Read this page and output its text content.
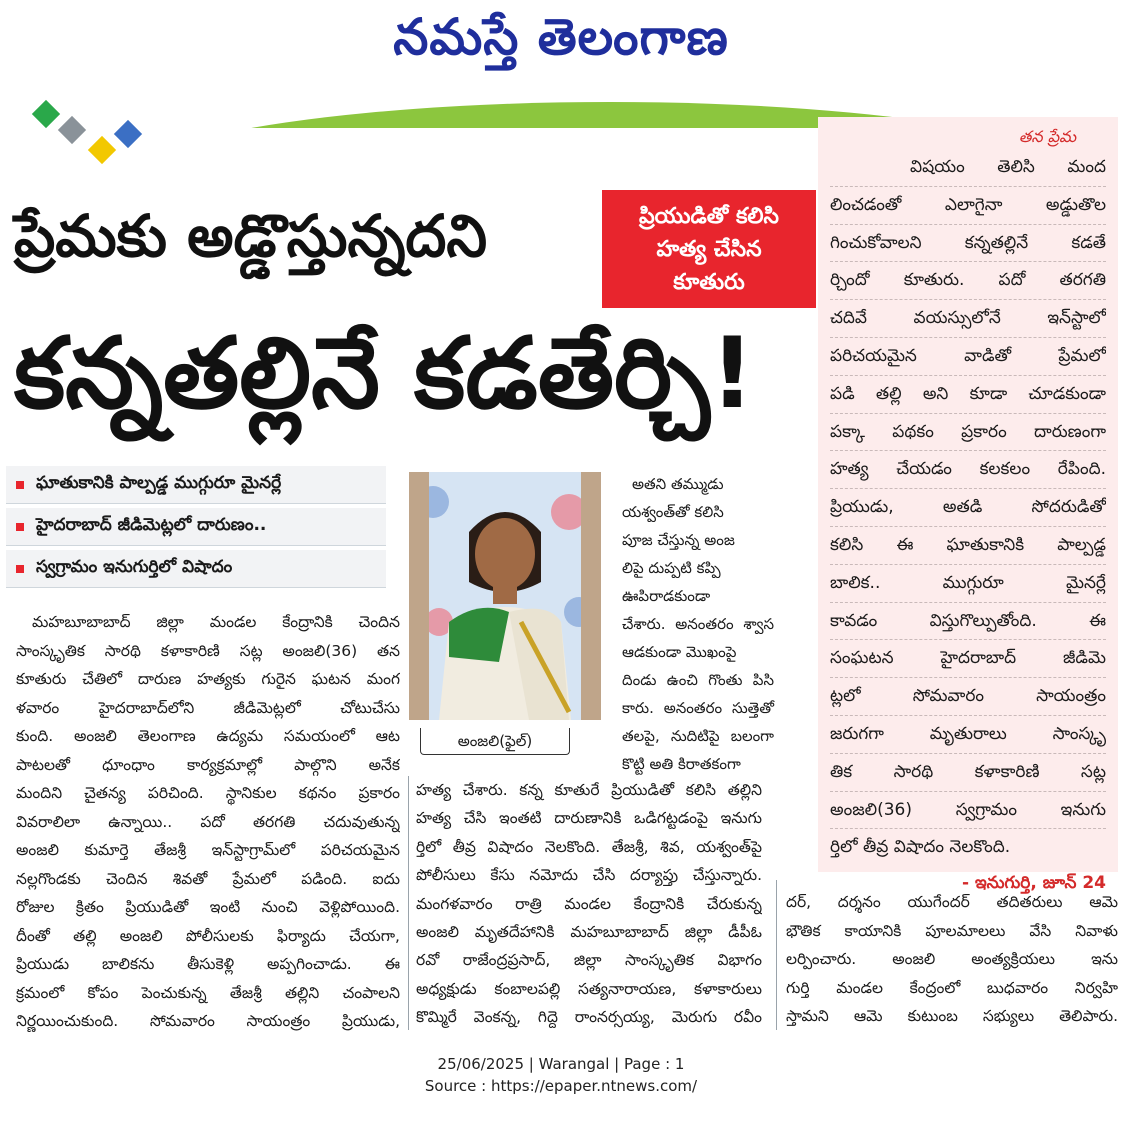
నమస్తే తెలంగాణ
ప్రేమకు అడ్డొస్తున్నదని
కన్నతల్లినే కడతేర్చి!
ప్రియుడితో కలిసి
హత్య చేసిన
కూతురు
తన ప్రేమ
విషయం తెలిసి మంద
లించడంతో ఎలాగైనా అడ్డుతొల
గించుకోవాలని కన్నతల్లినే కడతే
ర్చిందో కూతురు. పదో తరగతి
చదివే వయస్సులోనే ఇన్‌స్టాలో
పరిచయమైన వాడితో ప్రేమలో
పడి తల్లి అని కూడా చూడకుండా
పక్కా పథకం ప్రకారం దారుణంగా
హత్య చేయడం కలకలం రేపింది.
ప్రియుడు, అతడి సోదరుడితో
కలిసి ఈ ఘాతుకానికి పాల్పడ్డ
బాలిక.. ముగ్గురూ మైనర్లే
కావడం విస్తుగొల్పుతోంది. ఈ
సంఘటన హైదరాబాద్ జీడిమె
ట్లలో సోమవారం సాయంత్రం
జరుగగా మృతురాలు సాంస్కృ
తిక సారథి కళాకారిణి సట్ల
అంజలి(36) స్వగ్రామం ఇనుగు
ర్తిలో తీవ్ర విషాదం నెలకొంది.
- ఇనుగుర్తి, జూన్ 24
ఘాతుకానికి పాల్పడ్డ ముగ్గురూ మైనర్లే
హైదరాబాద్ జీడిమెట్లలో దారుణం..
స్వగ్రామం ఇనుగుర్తిలో విషాదం
అంజలి(ఫైల్)
అతని తమ్ముడు
యశ్వంత్‌తో కలిసి
పూజ చేస్తున్న అంజ
లిపై దుప్పటి కప్పి
ఊపిరాడకుండా
చేశారు. అనంతరం శ్వాస
ఆడకుండా మొఖంపై
దిండు ఉంచి గొంతు పిసి
కారు. అనంతరం సుత్తెతో
తలపై, నుదిటిపై బలంగా
కొట్టి అతి కిరాతకంగా
మహబూబాబాద్ జిల్లా మండల కేంద్రానికి చెందిన
సాంస్కృతిక సారథి కళాకారిణి సట్ల అంజలి(36) తన
కూతురు చేతిలో దారుణ హత్యకు గురైన ఘటన మంగ
ళవారం హైదరాబాద్‌లోని జీడిమెట్లలో చోటుచేసు
కుంది. అంజలి తెలంగాణ ఉద్యమ సమయంలో ఆట
పాటలతో ధూంధాం కార్యక్రమాల్లో పాల్గొని అనేక
మందిని చైతన్య పరిచింది. స్థానికుల కథనం ప్రకారం
వివరాలిలా ఉన్నాయి.. పదో తరగతి చదువుతున్న
అంజలి కుమార్తె తేజశ్రీ ఇన్‌స్టాగ్రామ్‌లో పరిచయమైన
నల్లగొండకు చెందిన శివతో ప్రేమలో పడింది. ఐదు
రోజుల క్రితం ప్రియుడితో ఇంటి నుంచి వెళ్లిపోయింది.
దీంతో తల్లి అంజలి పోలీసులకు ఫిర్యాదు చేయగా,
ప్రియుడు బాలికను తీసుకెళ్లి అప్పగించాడు. ఈ
క్రమంలో కోపం పెంచుకున్న తేజశ్రీ తల్లిని చంపాలని
నిర్ణయించుకుంది. సోమవారం సాయంత్రం ప్రియుడు,
హత్య చేశారు. కన్న కూతురే ప్రియుడితో కలిసి తల్లిని
హత్య చేసి ఇంతటి దారుణానికి ఒడిగట్టడంపై ఇనుగు
ర్తిలో తీవ్ర విషాదం నెలకొంది. తేజశ్రీ, శివ, యశ్వంత్‌పై
పోలీసులు కేసు నమోదు చేసి దర్యాప్తు చేస్తున్నారు.
మంగళవారం రాత్రి మండల కేంద్రానికి చేరుకున్న
అంజలి మృతదేహానికి మహబూబాబాద్ జిల్లా డీపీఓ
రవో రాజేంద్రప్రసాద్, జిల్లా సాంస్కృతిక విభాగం
అధ్యక్షుడు కంబాలపల్లి సత్యనారాయణ, కళాకారులు
కొమ్మిరే వెంకన్న, గిద్దె రాంనర్సయ్య, మెరుగు రవీం
దర్, దర్శనం యుగేందర్ తదితరులు ఆమె
భౌతిక కాయానికి పూలమాలలు వేసి నివాళు
లర్పించారు. అంజలి అంత్యక్రియలు ఇను
గుర్తి మండల కేంద్రంలో బుధవారం నిర్వహి
స్తామని ఆమె కుటుంబ సభ్యులు తెలిపారు.
25/06/2025 | Warangal | Page : 1
Source : https://epaper.ntnews.com/
